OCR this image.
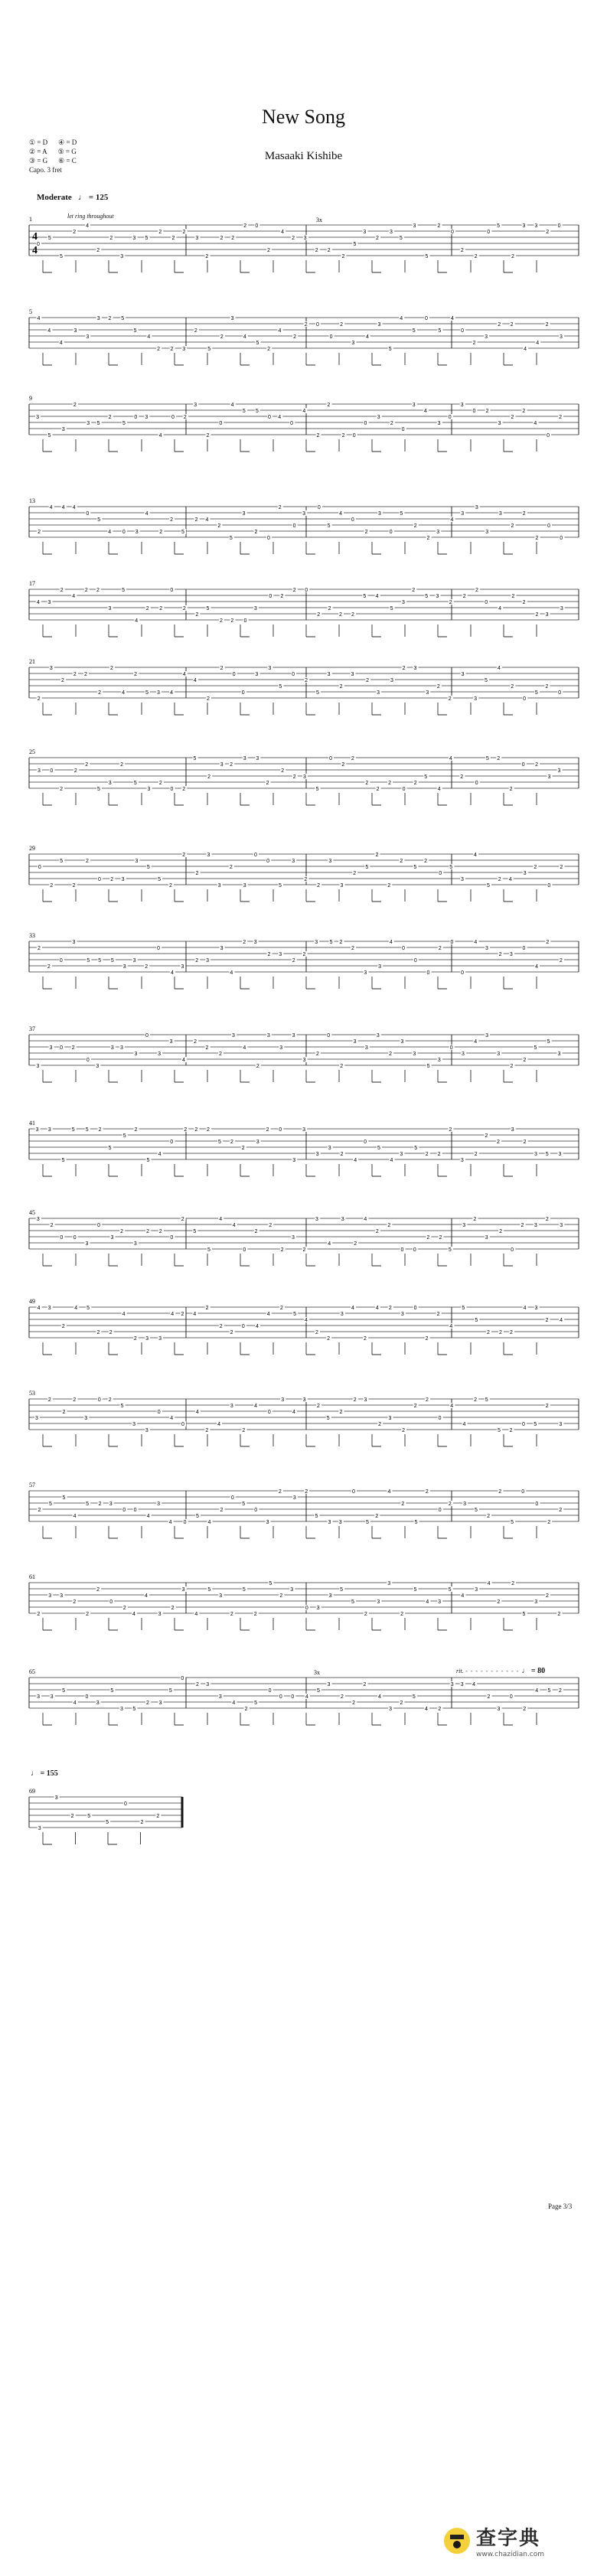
New Song
Masaaki Kishibe
① = D ④ = D
② = A ⑤ = G
③ = G ⑥ = C
Capo. 3 fret
Moderate ♩ = 125
let ring throughout
1
0
5
5
2
4
2
2
3
3 5
2
2
2
3
2
2 2
2 0
2
4
2 3
2 2
2
5
3
2
3
5
3
5
2
0
2
2
0
5
2
3 3
2
0
5
4
4
4
3
3
3 2 5
5
4
2 2 3
2
5
2
3
4
5
2
4
2
2 0
0
2
3
4
3
5
4
5
0
5
4
0
2
3
2 2
4
4
2
3
9
3
5
3
2
3 5
2
5
0 3
4
0 2
3
2
0
4
5 5
0 4
0
4
2
2
2 0
0
3
2
0
3
4
3
0
3
0 2
3
2
2
4
0
2
13
2
4 4 4
0
5
4 0 3
4
2
2
5
2 4
2
5
3
2
0
2
0
3
0
5
4
0
2
3
0
5
2
2
3
4
3
3
3
3
2
2
2
0
0
17
4 3
2
4
2 2
3
5
4
2 2
0
2
2
5
2 2 0
3
0 2
2 0
2
2
2 2
5 4
5
3
2
5 3
2
2
2
0
4
2
2
2 3
3
21
2
3
2
2 2
2
2
4
2
5 3 4
4
4
2
2
0
0
3
3
5
0
2
5
3
2
3
2
3
3
2 3
3
2
2
3
3
5
4
2
0
5
2
0
25
3 0
2
2
2
5
3
2
5
3
2
0 2
5
2
3 2
3 3
2
2
2 3
5
0
2
2
2
2
2
0
2
5
4
4
2
0
5 2
2
0 2
3
3
29
0
2
5
2
2
0 2 3
3
5
5
2
2
2
3
3
2
3
0
0
5
3
2
2
3
3
2
5
2
2
2
5
2
0
5
3
4
5
2 4
3
2
0
2
33
2
2
0
3
5 5 5
3
3
2
0
4
3
2 3
3
4
2 3
2 3
2
2
3 5 2
2
3
3
4
0
0
0
2
0
0
4
3
2 3
0
4
2
2
37
3
3 0 2
0
3
3 3
3
0
3
3
4
2
2
2
3
4
2
3
3
3
3
2
0
2
3
3
3
2
3
3
5
3
0
3
4
3
3
2
2
5
5
3
41
3 3
5
5 5 2
5
5
2
5
4
0
2 2 2
5 2
2
3
2 0
3
3
3
3
2
4
0
5
4
3
5
2 2
2
3
2
2
2
3
2
3 5 3
45
3
2
0 0
3
0
3
2
3
2 2
0
2
5
5
4
4
0
2
2
2
3
2
3
4
3
2
4
2
2
0 0
2 2
5
3
2
3
2
0
2 3
2
3
49
4 3
2
4 5
2 2
4
2 3 3
4 2 4
2
2
2
0 4
4
2
5
4
2
2
3
4
2
4 2
3
0
2
2
4
5
5
2 2 2
4 3
2 4
53
3
2
2
2
3
0 2
5
3
3
0
4
0
4
2
4
3
2
4
0
3
4
3
2
5
2
2 3
2
3
2
2
2
0
4
4
2 5
5 2
0 5
2
3
57
2
5
5
4
5 2 3
0 0
4
3
4 0
5
4
2
0
5
0
3
2
3
2
5
3 3
0
5
2
4
2
5
2
0
2 3
5
2
2
5
0
0
2
2
61
2
3 3
2
2
2
0
2
4
4
3
2
3
4
5
3
2
5
2
5
2
3
0 3
3
5
5
2
3
3
2
5
4 3
5
4
3
4
2
2
5
3
2
2
65
3 3
5
4
0
3
5
3 5
2 3
5
0
2 3
3
4
2
5
0
0 0 4
5
3
2
2
2
4
3
2
5
4 2
3 3 4
2
3
0
2
4 5 2
69
3
3
2	5
5
0
2
2
4
4
3x
3x	rit. - - - - - - - - - - - ♩ = 80
♩ = 155
Page 3/3
查字典
www.chazidian.com
